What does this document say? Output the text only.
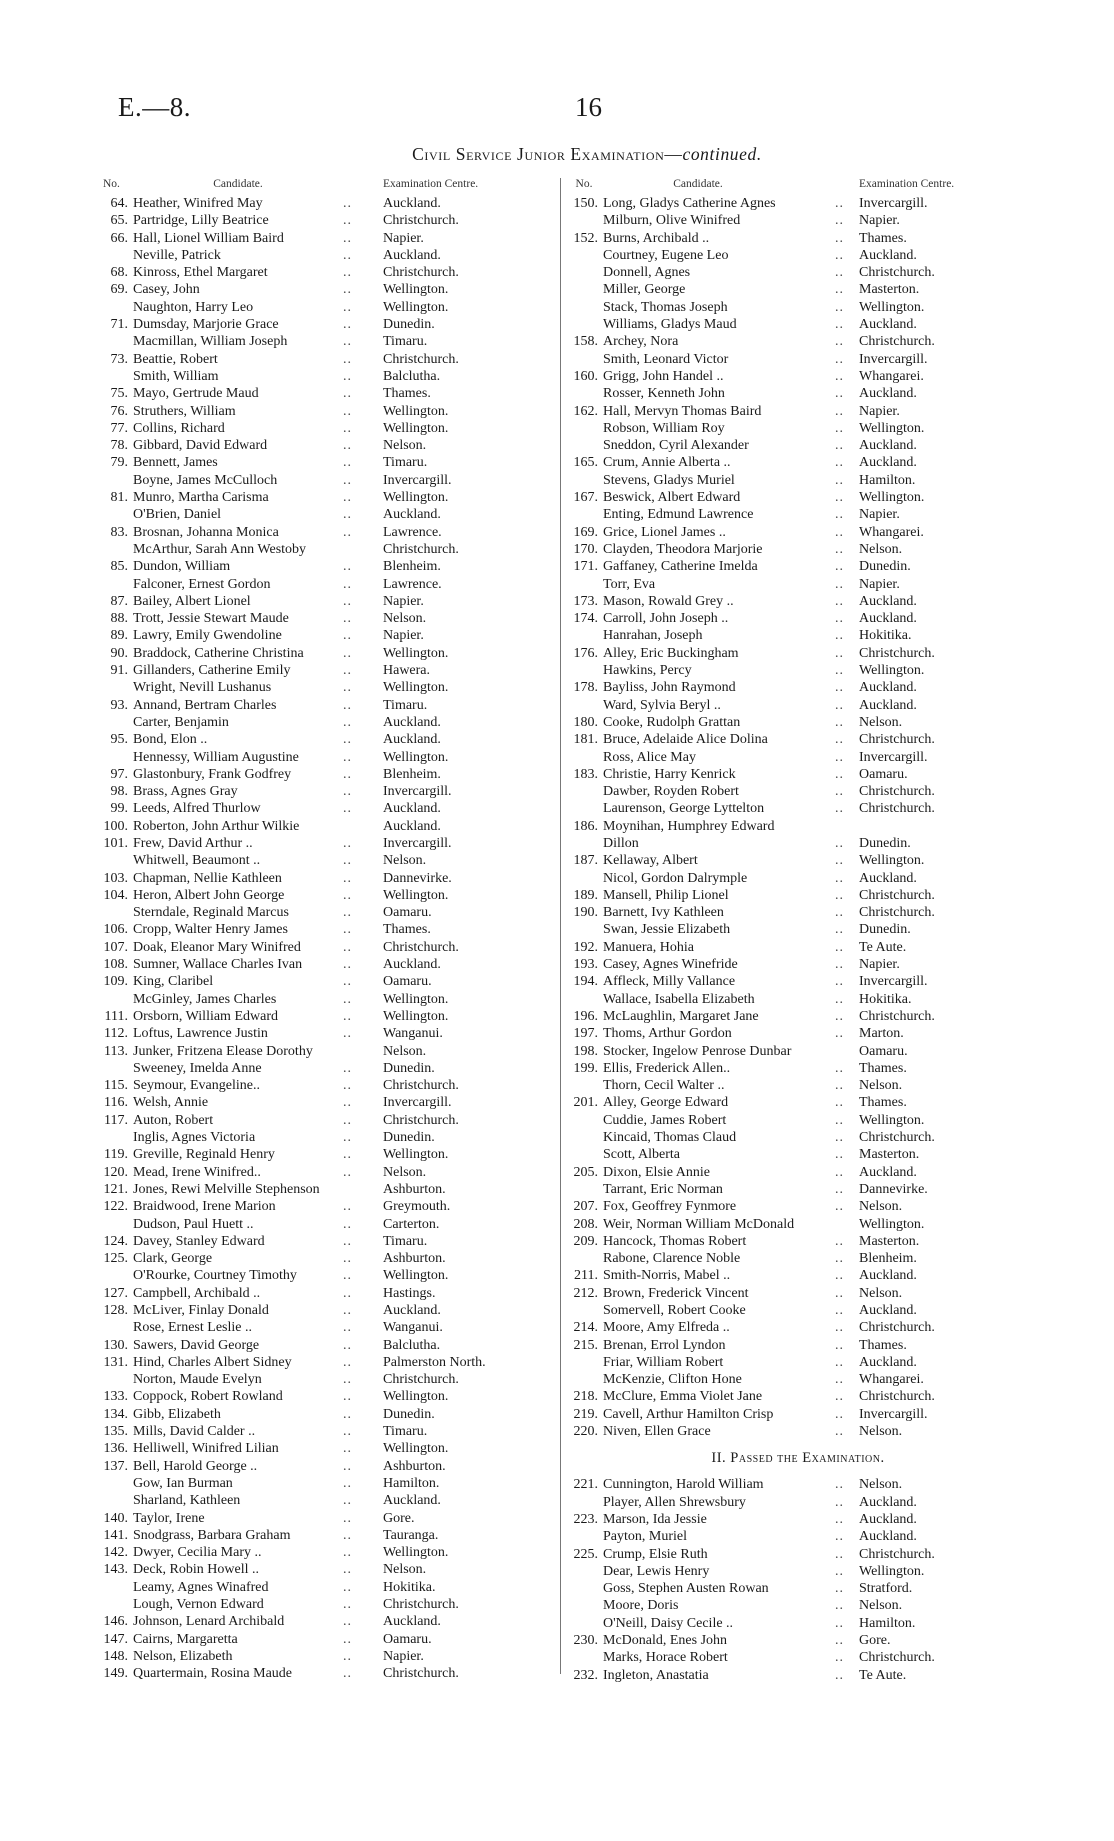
E.—8.	16
Civil Service Junior Examination—continued.
No.	Candidate.	Examination Centre.
64. Heather, Winifred May	..	Auckland.
65. Partridge, Lilly Beatrice	..	Christchurch.
66. Hall, Lionel William Baird	..	Napier.
Neville, Patrick	..	Auckland.
68. Kinross, Ethel Margaret	..	Christchurch.
69. Casey, John	..	Wellington.
Naughton, Harry Leo	..	Wellington.
71. Dumsday, Marjorie Grace	..	Dunedin.
Macmillan, William Joseph	..	Timaru.
73. Beattie, Robert	..	Christchurch.
Smith, William	..	Balclutha.
75. Mayo, Gertrude Maud	..	Thames.
76. Struthers, William	..	Wellington.
77. Collins, Richard	..	Wellington.
78. Gibbard, David Edward	..	Nelson.
79. Bennett, James	..	Timaru.
Boyne, James McCulloch	..	Invercargill.
81. Munro, Martha Carisma	..	Wellington.
O'Brien, Daniel	..	Auckland.
83. Brosnan, Johanna Monica	..	Lawrence.
McArthur, Sarah Ann Westoby	Christchurch.
85. Dundon, William	..	Blenheim.
Falconer, Ernest Gordon	..	Lawrence.
87. Bailey, Albert Lionel	..	Napier.
88. Trott, Jessie Stewart Maude	..	Nelson.
89. Lawry, Emily Gwendoline	..	Napier.
90. Braddock, Catherine Christina	..	Wellington.
91. Gillanders, Catherine Emily	..	Hawera.
Wright, Nevill Lushanus	..	Wellington.
93. Annand, Bertram Charles	..	Timaru.
Carter, Benjamin	..	Auckland.
95. Bond, Elon ..	..	Auckland.
Hennessy, William Augustine	..	Wellington.
97. Glastonbury, Frank Godfrey	..	Blenheim.
98. Brass, Agnes Gray	..	Invercargill.
99. Leeds, Alfred Thurlow	..	Auckland.
100. Roberton, John Arthur Wilkie	Auckland.
101. Frew, David Arthur ..	..	Invercargill.
Whitwell, Beaumont ..	..	Nelson.
103. Chapman, Nellie Kathleen	..	Dannevirke.
104. Heron, Albert John George	..	Wellington.
Sterndale, Reginald Marcus	..	Oamaru.
106. Cropp, Walter Henry James	..	Thames.
107. Doak, Eleanor Mary Winifred	..	Christchurch.
108. Sumner, Wallace Charles Ivan	..	Auckland.
109. King, Claribel	..	Oamaru.
McGinley, James Charles	..	Wellington.
111. Orsborn, William Edward	..	Wellington.
112. Loftus, Lawrence Justin	..	Wanganui.
113. Junker, Fritzena Elease Dorothy	Nelson.
Sweeney, Imelda Anne	..	Dunedin.
115. Seymour, Evangeline..	..	Christchurch.
116. Welsh, Annie	..	Invercargill.
117. Auton, Robert	..	Christchurch.
Inglis, Agnes Victoria	..	Dunedin.
119. Greville, Reginald Henry	..	Wellington.
120. Mead, Irene Winifred..	..	Nelson.
121. Jones, Rewi Melville Stephenson	Ashburton.
122. Braidwood, Irene Marion	..	Greymouth.
Dudson, Paul Huett ..	..	Carterton.
124. Davey, Stanley Edward	..	Timaru.
125. Clark, George	..	Ashburton.
O'Rourke, Courtney Timothy	..	Wellington.
127. Campbell, Archibald ..	..	Hastings.
128. McLiver, Finlay Donald	..	Auckland.
Rose, Ernest Leslie ..	..	Wanganui.
130. Sawers, David George	..	Balclutha.
131. Hind, Charles Albert Sidney	..	Palmerston North.
Norton, Maude Evelyn	..	Christchurch.
133. Coppock, Robert Rowland	..	Wellington.
134. Gibb, Elizabeth	..	Dunedin.
135. Mills, David Calder ..	..	Timaru.
136. Helliwell, Winifred Lilian	..	Wellington.
137. Bell, Harold George ..	..	Ashburton.
Gow, Ian Burman	..	Hamilton.
Sharland, Kathleen	..	Auckland.
140. Taylor, Irene	..	Gore.
141. Snodgrass, Barbara Graham	..	Tauranga.
142. Dwyer, Cecilia Mary ..	..	Wellington.
143. Deck, Robin Howell ..	..	Nelson.
Leamy, Agnes Winafred	..	Hokitika.
Lough, Vernon Edward	..	Christchurch.
146. Johnson, Lenard Archibald	..	Auckland.
147. Cairns, Margaretta	..	Oamaru.
148. Nelson, Elizabeth	..	Napier.
149. Quartermain, Rosina Maude	..	Christchurch.
No.	Candidate.	Examination Centre.
150. Long, Gladys Catherine Agnes	..	Invercargill.
Milburn, Olive Winifred	..	Napier.
152. Burns, Archibald ..	..	Thames.
Courtney, Eugene Leo	..	Auckland.
Donnell, Agnes	..	Christchurch.
Miller, George	..	Masterton.
Stack, Thomas Joseph	..	Wellington.
Williams, Gladys Maud	..	Auckland.
158. Archey, Nora	..	Christchurch.
Smith, Leonard Victor	..	Invercargill.
160. Grigg, John Handel ..	..	Whangarei.
Rosser, Kenneth John	..	Auckland.
162. Hall, Mervyn Thomas Baird	..	Napier.
Robson, William Roy	..	Wellington.
Sneddon, Cyril Alexander	..	Auckland.
165. Crum, Annie Alberta ..	..	Auckland.
Stevens, Gladys Muriel	..	Hamilton.
167. Beswick, Albert Edward	..	Wellington.
Enting, Edmund Lawrence	..	Napier.
169. Grice, Lionel James ..	..	Whangarei.
170. Clayden, Theodora Marjorie	..	Nelson.
171. Gaffaney, Catherine Imelda	..	Dunedin.
Torr, Eva	..	Napier.
173. Mason, Rowald Grey ..	..	Auckland.
174. Carroll, John Joseph ..	..	Auckland.
Hanrahan, Joseph	..	Hokitika.
176. Alley, Eric Buckingham	..	Christchurch.
Hawkins, Percy	..	Wellington.
178. Bayliss, John Raymond	..	Auckland.
Ward, Sylvia Beryl ..	..	Auckland.
180. Cooke, Rudolph Grattan	..	Nelson.
181. Bruce, Adelaide Alice Dolina	..	Christchurch.
Ross, Alice May	..	Invercargill.
183. Christie, Harry Kenrick	..	Oamaru.
Dawber, Royden Robert	..	Christchurch.
Laurenson, George Lyttelton	..	Christchurch.
186. Moynihan, Humphrey Edward
Dillon	..	Dunedin.
187. Kellaway, Albert	..	Wellington.
Nicol, Gordon Dalrymple	..	Auckland.
189. Mansell, Philip Lionel	..	Christchurch.
190. Barnett, Ivy Kathleen	..	Christchurch.
Swan, Jessie Elizabeth	..	Dunedin.
192. Manuera, Hohia	..	Te Aute.
193. Casey, Agnes Winefride	..	Napier.
194. Affleck, Milly Vallance	..	Invercargill.
Wallace, Isabella Elizabeth	..	Hokitika.
196. McLaughlin, Margaret Jane	..	Christchurch.
197. Thoms, Arthur Gordon	..	Marton.
198. Stocker, Ingelow Penrose Dunbar	Oamaru.
199. Ellis, Frederick Allen..	..	Thames.
Thorn, Cecil Walter ..	..	Nelson.
201. Alley, George Edward	..	Thames.
Cuddie, James Robert	..	Wellington.
Kincaid, Thomas Claud	..	Christchurch.
Scott, Alberta	..	Masterton.
205. Dixon, Elsie Annie	..	Auckland.
Tarrant, Eric Norman	..	Dannevirke.
207. Fox, Geoffrey Fynmore	..	Nelson.
208. Weir, Norman William McDonald	Wellington.
209. Hancock, Thomas Robert	..	Masterton.
Rabone, Clarence Noble	..	Blenheim.
211. Smith-Norris, Mabel ..	..	Auckland.
212. Brown, Frederick Vincent	..	Nelson.
Somervell, Robert Cooke	..	Auckland.
214. Moore, Amy Elfreda ..	..	Christchurch.
215. Brenan, Errol Lyndon	..	Thames.
Friar, William Robert	..	Auckland.
McKenzie, Clifton Hone	..	Whangarei.
218. McClure, Emma Violet Jane	..	Christchurch.
219. Cavell, Arthur Hamilton Crisp	..	Invercargill.
220. Niven, Ellen Grace	..	Nelson.
II. Passed the Examination.
221. Cunnington, Harold William	..	Nelson.
Player, Allen Shrewsbury	..	Auckland.
223. Marson, Ida Jessie	..	Auckland.
Payton, Muriel	..	Auckland.
225. Crump, Elsie Ruth	..	Christchurch.
Dear, Lewis Henry	..	Wellington.
Goss, Stephen Austen Rowan	..	Stratford.
Moore, Doris	..	Nelson.
O'Neill, Daisy Cecile ..	..	Hamilton.
230. McDonald, Enes John	..	Gore.
Marks, Horace Robert	..	Christchurch.
232. Ingleton, Anastatia	..	Te Aute.
